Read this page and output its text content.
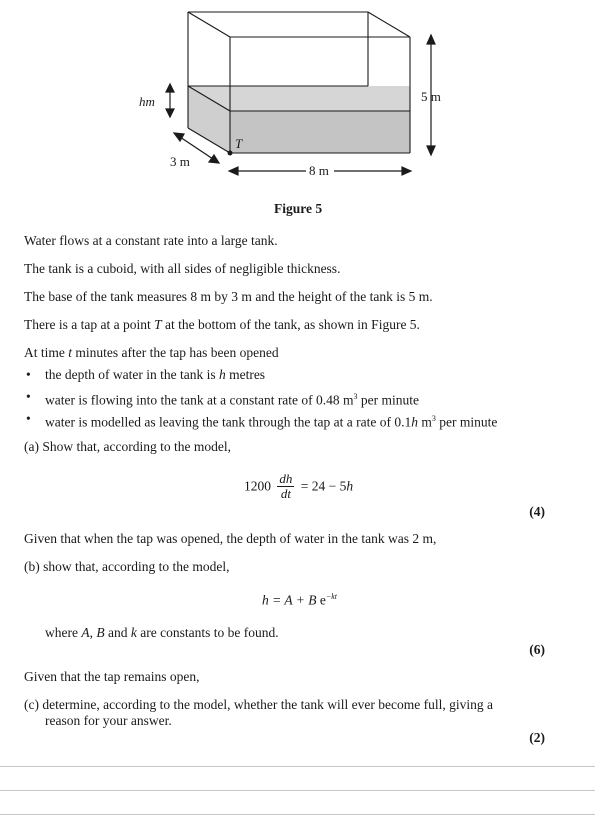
hm	5 m
3 m
T
8 m
Figure 5
Water flows at a constant rate into a large tank.
The tank is a cuboid, with all sides of negligible thickness.
The base of the tank measures 8 m by 3 m and the height of the tank is 5 m.
There is a tap at a point T at the bottom of the tank, as shown in Figure 5.
At time t minutes after the tap has been opened
• the depth of water in the tank is h metres
• water is flowing into the tank at a constant rate of 0.48 $m^3$ per minute
• water is modelled as leaving the tank through the tap at a rate of 0.1h $m^3$ per minute
(a) Show that, according to the model,
$1200 \frac{dh}{dt} = 24 - 5h$
(4)
Given that when the tap was opened, the depth of water in the tank was 2 m,
(b) show that, according to the model,
h = A + B $e^{-kt}$
where A, B and k are constants to be found.
(6)
Given that the tap remains open,
(c) determine, according to the model, whether the tank will ever become full, giving a
reason for your answer.
(2)
